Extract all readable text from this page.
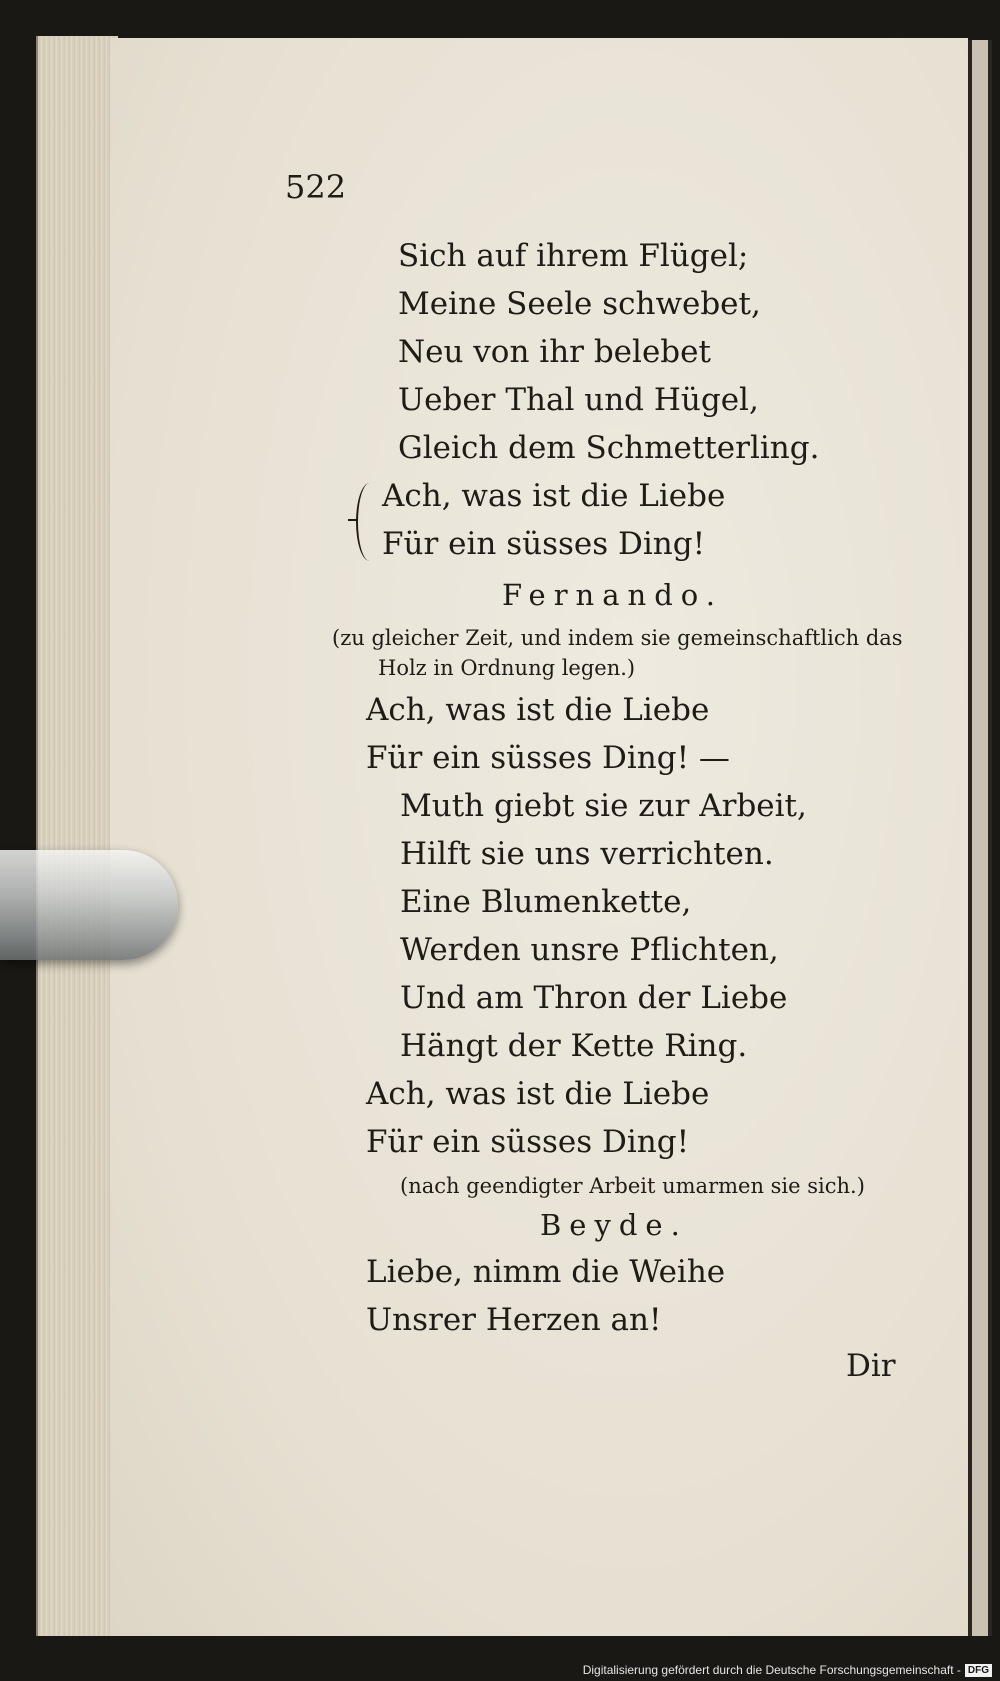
522
Sich auf ihrem Flügel;
Meine Seele schwebet,
Neu von ihr belebet
Ueber Thal und Hügel,
Gleich dem Schmetterling.
Ach, was ist die Liebe
Für ein süsses Ding!
Fernando.
(zu gleicher Zeit, und indem sie gemeinschaftlich das
Holz in Ordnung legen.)
Ach, was ist die Liebe
Für ein süsses Ding! —
Muth giebt sie zur Arbeit,
Hilft sie uns verrichten.
Eine Blumenkette,
Werden unsre Pflichten,
Und am Thron der Liebe
Hängt der Kette Ring.
Ach, was ist die Liebe
Für ein süsses Ding!
(nach geendigter Arbeit umarmen sie sich.)
Beyde.
Liebe, nimm die Weihe
Unsrer Herzen an!
Dir
Digitalisierung gefördert durch die Deutsche Forschungsgemeinschaft - DFG
